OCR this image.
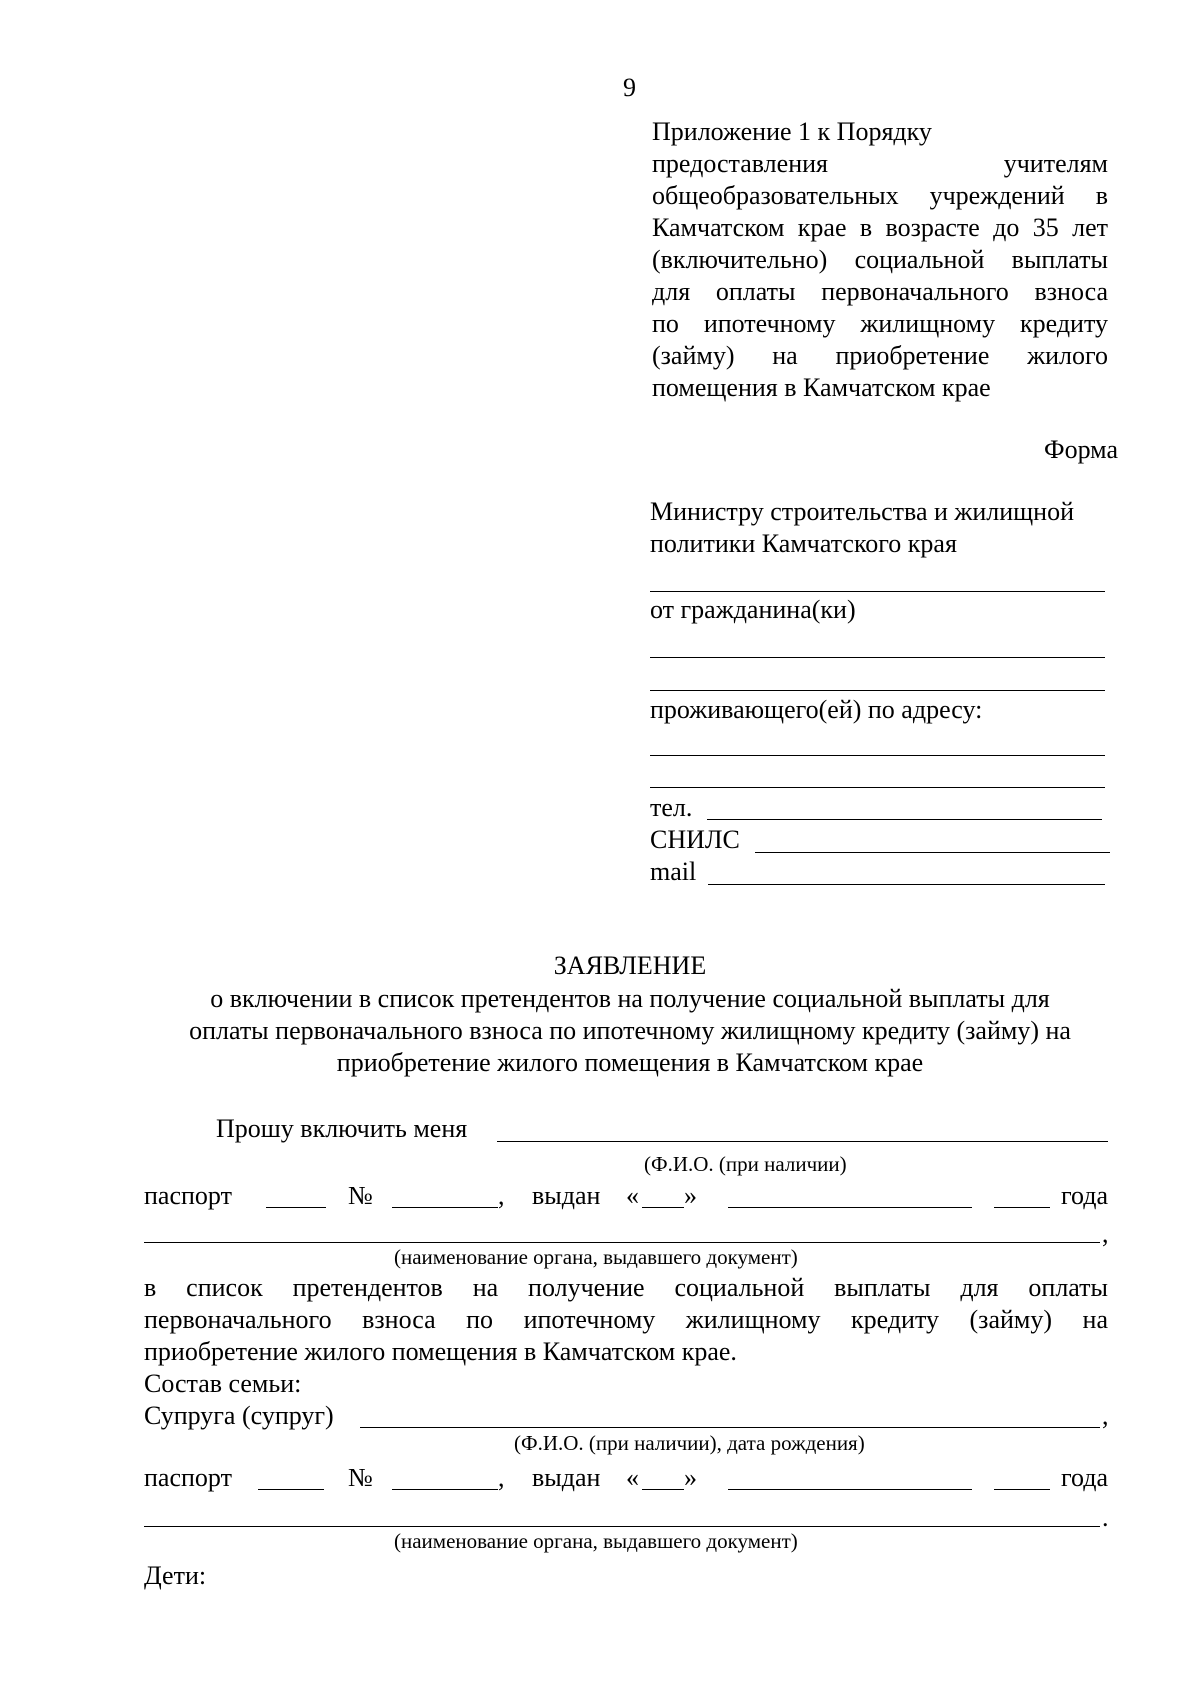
9
Приложение 1 к Порядку
предоставления учителям
общеобразовательных учреждений в
Камчатском крае в возрасте до 35 лет
(включительно) социальной выплаты
для оплаты первоначального взноса
по ипотечному жилищному кредиту
(займу) на приобретение жилого
помещения в Камчатском крае
Форма
Министру строительства и жилищной
политики Камчатского края
от гражданина(ки)
проживающего(ей) по адресу:
тел.
СНИЛС
mail
ЗАЯВЛЕНИЕ
о включении в список претендентов на получение социальной выплаты для
оплаты первоначального взноса по ипотечному жилищному кредиту (займу) на
приобретение жилого помещения в Камчатском крае
Прошу включить меня
(Ф.И.О. (при наличии)
паспорт	№	, выдан « »	года
,
(наименование органа, выдавшего документ)
в список претендентов на получение социальной выплаты для оплаты
первоначального взноса по ипотечному жилищному кредиту (займу) на
приобретение жилого помещения в Камчатском крае.
Состав семьи:
Супруга (супруг)	,
(Ф.И.О. (при наличии), дата рождения)
паспорт	№	, выдан « »	года
.
(наименование органа, выдавшего документ)
Дети:
